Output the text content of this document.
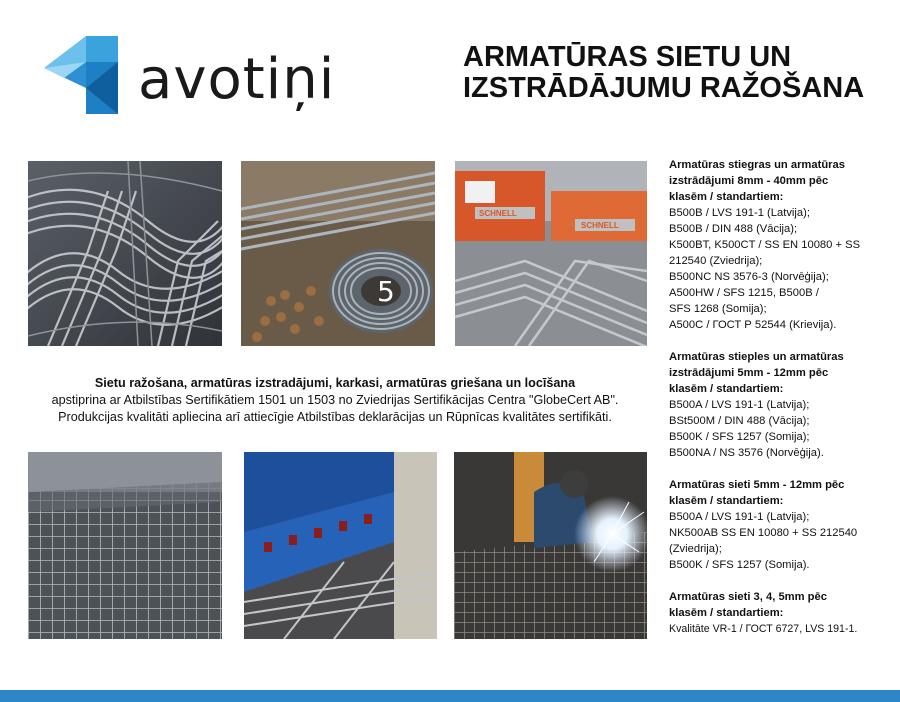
avotiņi	ARMATŪRAS SIETU UN
IZSTRĀDĀJUMU RAŽOŠANA
5
SCHNELL
SCHNELL
Sietu ražošana, armatūras izstradājumi, karkasi, armatūras griešana un locīšana
apstiprina ar Atbilstības Sertifikātiem 1501 un 1503 no Zviedrijas Sertifikācijas Centra "GlobeCert AB".
Produkcijas kvalitāti apliecina arī attiecīgie Atbilstības deklarācijas un Rūpnīcas kvalitātes sertifikāti.
Armatūras stiegras un armatūras
izstrādājumi 8mm - 40mm pēc
klasēm / standartiem:
B500B / LVS 191-1 (Latvija);
B500B / DIN 488 (Vācija);
K500BT, K500CT / SS EN 10080 + SS
212540 (Zviedrija);
B500NC NS 3576-3 (Norvēģija);
A500HW / SFS 1215, B500B /
SFS 1268 (Somija);
A500C / ГОСТ Р 52544 (Krievija).
Armatūras stieples un armatūras
izstrādājumi 5mm - 12mm pēc
klasēm / standartiem:
B500A / LVS 191-1 (Latvija);
BSt500M / DIN 488 (Vācija);
B500K / SFS 1257 (Somija);
B500NA / NS 3576 (Norvēģija).
Armatūras sieti 5mm - 12mm pēc
klasēm / standartiem:
B500A / LVS 191-1 (Latvija);
NK500AB SS EN 10080 + SS 212540
(Zviedrija);
B500K / SFS 1257 (Somija).
Armatūras sieti 3, 4, 5mm pēc
klasēm / standartiem:
Kvalitāte VR-1 / ГОСТ 6727, LVS 191-1.
